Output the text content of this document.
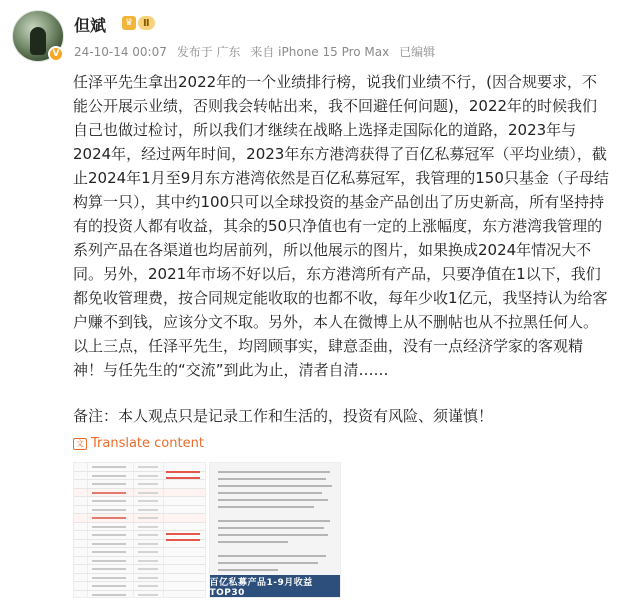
V
但斌	♛ Ⅱ
24-10-14 00:07 发布于 广东 来自 iPhone 15 Pro Max 已编辑

任泽平先生拿出2022年的一个业绩排行榜，说我们业绩不行，(因合规要求，不能公开展示业绩，否则我会转帖出来，我不回避任何问题)，2022年的时候我们自己也做过检讨，所以我们才继续在战略上选择走国际化的道路，2023年与2024年，经过两年时间，2023年东方港湾获得了百亿私募冠军（平均业绩），截止2024年1月至9月东方港湾依然是百亿私募冠军，我管理的150只基金（子母结构算一只），其中约100只可以全球投资的基金产品创出了历史新高，所有坚持持有的投资人都有收益，其余的50只净值也有一定的上涨幅度，东方港湾我管理的系列产品在各渠道也均居前列，所以他展示的图片，如果换成2024年情况大不同。另外，2021年市场不好以后，东方港湾所有产品，只要净值在1以下，我们都免收管理费，按合同规定能收取的也都不收，每年少收1亿元，我坚持认为给客户赚不到钱，应该分文不取。另外，本人在微博上从不删帖也从不拉黑任何人。以上三点，任泽平先生，均罔顾事实，肆意歪曲，没有一点经济学家的客观精神！与任先生的“交流”到此为止，清者自清……

备注：本人观点只是记录工作和生活的，投资有风险、须谨慎！

文 Translate content
百亿私募产品1-9月收益TOP30
